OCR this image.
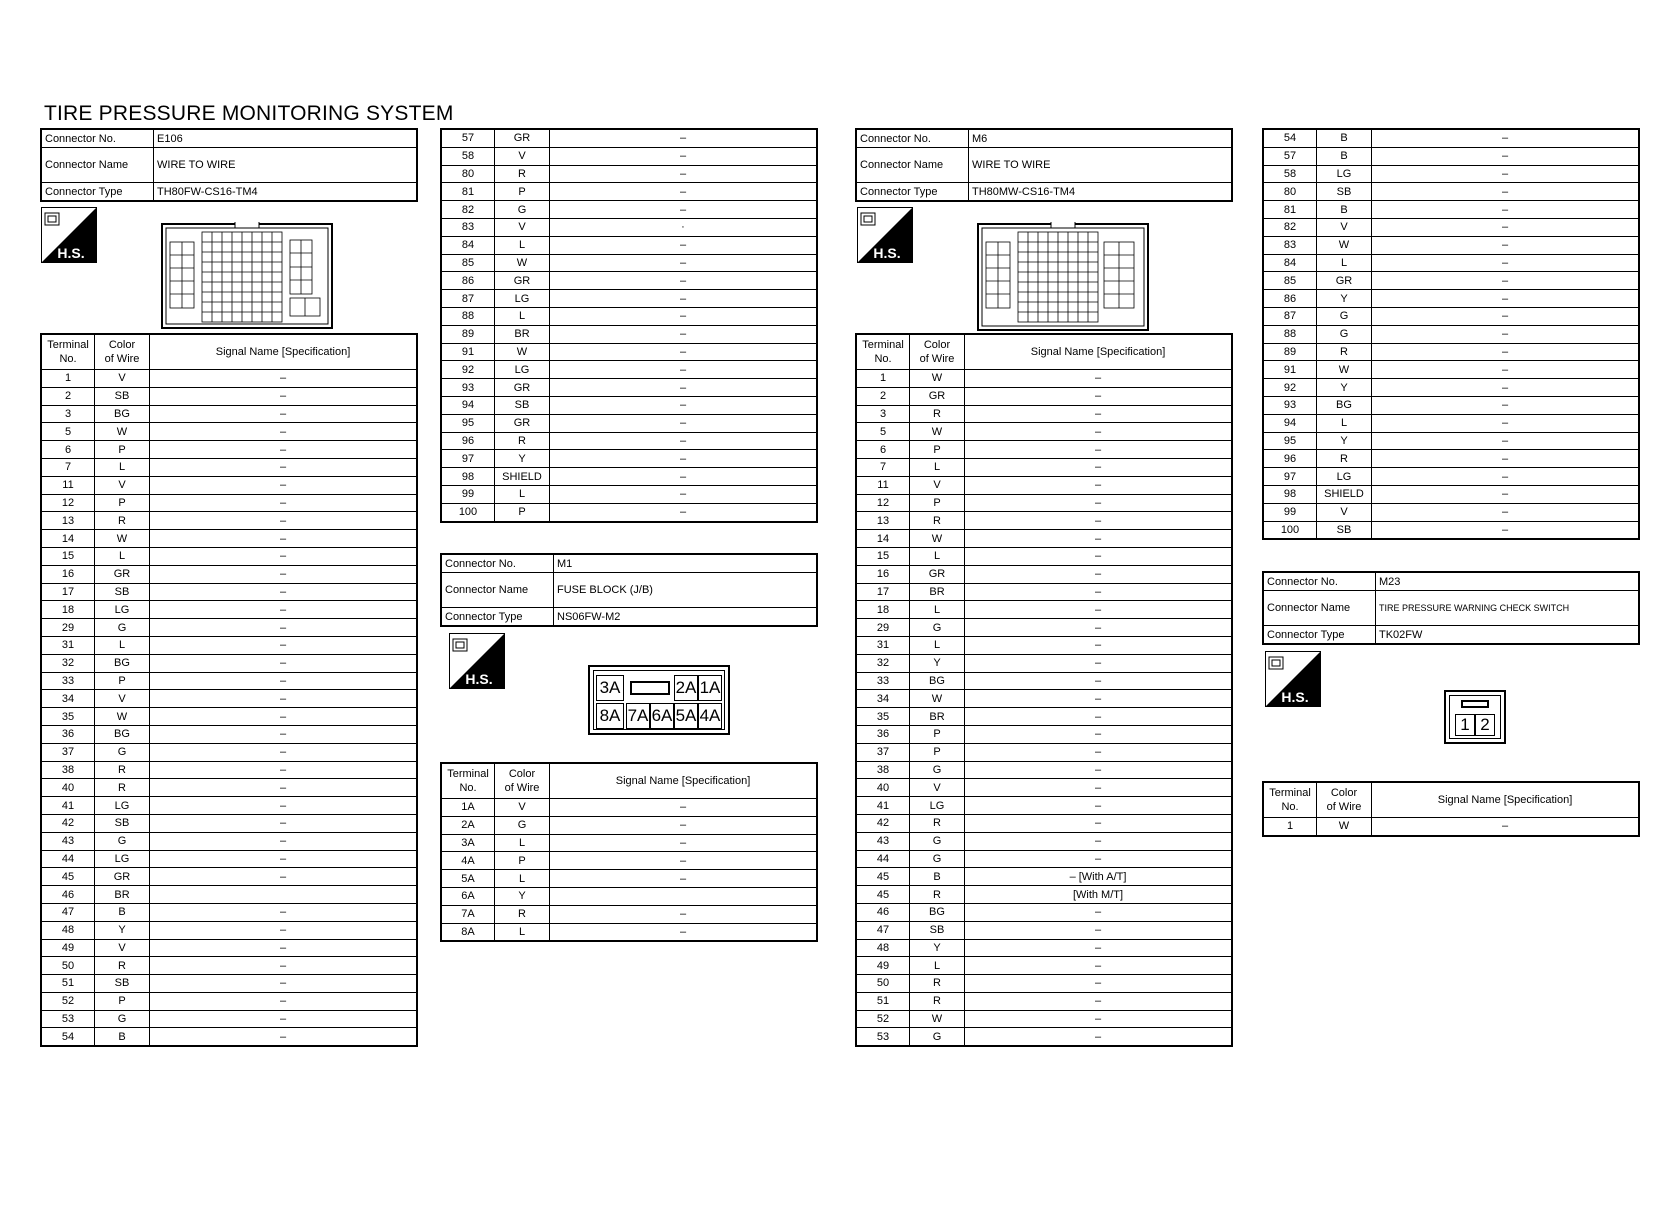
TIRE PRESSURE MONITORING SYSTEM
Connector No.	E106
Connector Name	WIRE TO WIRE
Connector Type	TH80FW-CS16-TM4
H.S.
Terminal
No.	Color
of Wire	Signal Name [Specification]
1	V	–
2	SB	–
3	BG	–
5	W	–
6	P	–
7	L	–
11	V	–
12	P	–
13	R	–
14	W	–
15	L	–
16	GR	–
17	SB	–
18	LG	–
29	G	–
31	L	–
32	BG	–
33	P	–
34	V	–
35	W	–
36	BG	–
37	G	–
38	R	–
40	R	–
41	LG	–
42	SB	–
43	G	–
44	LG	–
45	GR	–
46	BR	
47	B	–
48	Y	–
49	V	–
50	R	–
51	SB	–
52	P	–
53	G	–
54	B	–
57	GR	–
58	V	–
80	R	–
81	P	–
82	G	–
83	V	·
84	L	–
85	W	–
86	GR	–
87	LG	–
88	L	–
89	BR	–
91	W	–
92	LG	–
93	GR	–
94	SB	–
95	GR	–
96	R	–
97	Y	–
98	SHIELD	–
99	L	–
100	P	–
Connector No.	M1
Connector Name	FUSE BLOCK (J/B)
Connector Type	NS06FW-M2
H.S.	3A	2A 1A
8A 7A 6A 5A 4A
Terminal
No.	Color
of Wire	Signal Name [Specification]
1A	V	–
2A	G	–
3A	L	–
4A	P	–
5A	L	–
6A	Y	
7A	R	–
8A	L	–
Connector No.	M6
Connector Name	WIRE TO WIRE
Connector Type	TH80MW-CS16-TM4
H.S.
Terminal
No.	Color
of Wire	Signal Name [Specification]
1	W	–
2	GR	–
3	R	–
5	W	–
6	P	–
7	L	–
11	V	–
12	P	–
13	R	–
14	W	–
15	L	–
16	GR	–
17	BR	–
18	L	–
29	G	–
31	L	–
32	Y	–
33	BG	–
34	W	–
35	BR	–
36	P	–
37	P	–
38	G	–
40	V	–
41	LG	–
42	R	–
43	G	–
44	G	–
45	B	– [With A/T]
45	R	[With M/T]
46	BG	–
47	SB	–
48	Y	–
49	L	–
50	R	–
51	R	–
52	W	–
53	G	–
54	B	–
57	B	–
58	LG	–
80	SB	–
81	B	–
82	V	–
83	W	–
84	L	–
85	GR	–
86	Y	–
87	G	–
88	G	–
89	R	–
91	W	–
92	Y	–
93	BG	–
94	L	–
95	Y	–
96	R	–
97	LG	–
98	SHIELD	–
99	V	–
100	SB	–
Connector No.	M23
Connector Name	TIRE PRESSURE WARNING CHECK SWITCH
Connector Type	TK02FW
H.S.
1 2
Terminal
No.	Color
of Wire	Signal Name [Specification]
1	W	–
